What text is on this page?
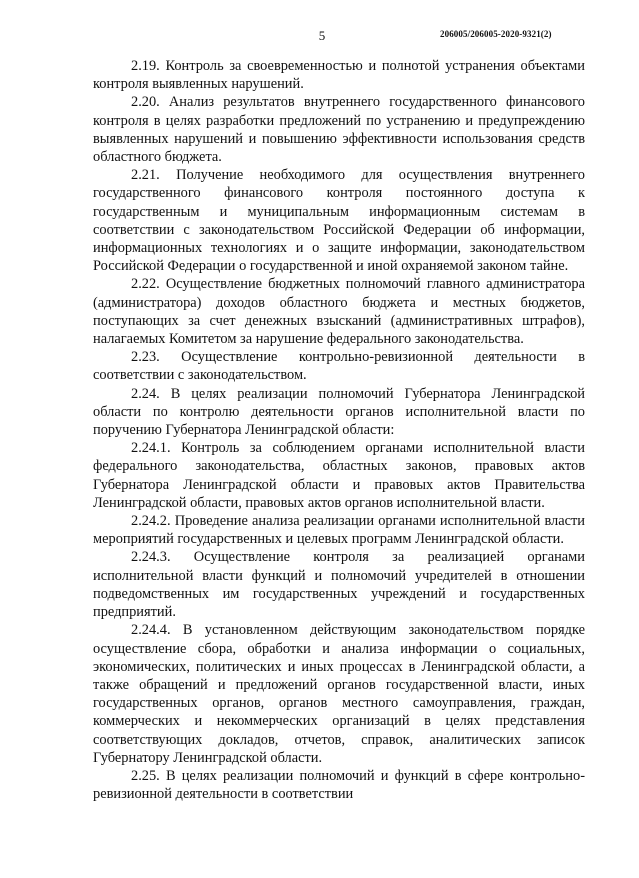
5	206005/206005-2020-9321(2)

2.19. Контроль за своевременностью и полнотой устранения объектами контроля выявленных нарушений.

2.20. Анализ результатов внутреннего государственного финансового контроля в целях разработки предложений по устранению и предупреждению выявленных нарушений и повышению эффективности использования средств областного бюджета.

2.21. Получение необходимого для осуществления внутреннего государственного финансового контроля постоянного доступа к государственным и муниципальным информационным системам в соответствии с законодательством Российской Федерации об информации, информационных технологиях и о защите информации, законодательством Российской Федерации о государственной и иной охраняемой законом тайне.

2.22. Осуществление бюджетных полномочий главного администратора (администратора) доходов областного бюджета и местных бюджетов, поступающих за счет денежных взысканий (административных штрафов), налагаемых Комитетом за нарушение федерального законодательства.

2.23. Осуществление контрольно-ревизионной деятельности в соответствии с законодательством.

2.24. В целях реализации полномочий Губернатора Ленинградской области по контролю деятельности органов исполнительной власти по поручению Губернатора Ленинградской области:

2.24.1. Контроль за соблюдением органами исполнительной власти федерального законодательства, областных законов, правовых актов Губернатора Ленинградской области и правовых актов Правительства Ленинградской области, правовых актов органов исполнительной власти.

2.24.2. Проведение анализа реализации органами исполнительной власти мероприятий государственных и целевых программ Ленинградской области.

2.24.3. Осуществление контроля за реализацией органами исполнительной власти функций и полномочий учредителей в отношении подведомственных им государственных учреждений и государственных предприятий.

2.24.4. В установленном действующим законодательством порядке осуществление сбора, обработки и анализа информации о социальных, экономических, политических и иных процессах в Ленинградской области, а также обращений и предложений органов государственной власти, иных государственных органов, органов местного самоуправления, граждан, коммерческих и некоммерческих организаций в целях представления соответствующих докладов, отчетов, справок, аналитических записок Губернатору Ленинградской области.

2.25. В целях реализации полномочий и функций в сфере контрольно-ревизионной деятельности в соответствии
